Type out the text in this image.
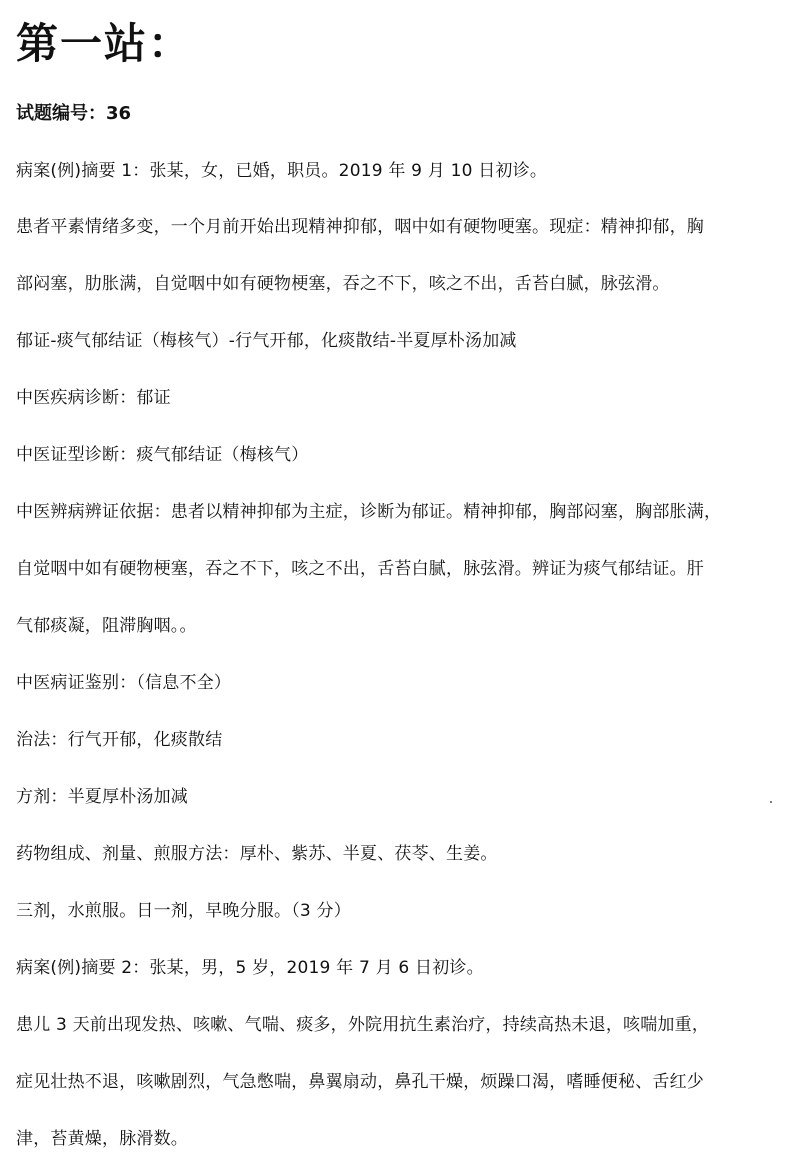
第一站：
试题编号：36
病案(例)摘要 1：张某，女，已婚，职员。2019 年 9 月 10 日初诊。
患者平素情绪多变，一个月前开始出现精神抑郁，咽中如有硬物哽塞。现症：精神抑郁，胸
部闷塞，肋胀满，自觉咽中如有硬物梗塞，吞之不下，咳之不出，舌苔白腻，脉弦滑。
郁证-痰气郁结证（梅核气）-行气开郁，化痰散结-半夏厚朴汤加减
中医疾病诊断：郁证
中医证型诊断：痰气郁结证（梅核气）
中医辨病辨证依据：患者以精神抑郁为主症，诊断为郁证。精神抑郁，胸部闷塞，胸部胀满，
自觉咽中如有硬物梗塞，吞之不下，咳之不出，舌苔白腻，脉弦滑。辨证为痰气郁结证。肝
气郁痰凝，阻滞胸咽。。
中医病证鉴别：（信息不全）
治法：行气开郁，化痰散结
方剂：半夏厚朴汤加减
药物组成、剂量、煎服方法：厚朴、紫苏、半夏、茯苓、生姜。
三剂，水煎服。日一剂，早晚分服。（3 分）
病案(例)摘要 2：张某，男，5 岁，2019 年 7 月 6 日初诊。
患儿 3 天前出现发热、咳嗽、气喘、痰多，外院用抗生素治疗，持续高热未退，咳喘加重，
症见壮热不退，咳嗽剧烈，气急憋喘，鼻翼扇动，鼻孔干燥，烦躁口渴，嗜睡便秘、舌红少
津，苔黄燥，脉滑数。
